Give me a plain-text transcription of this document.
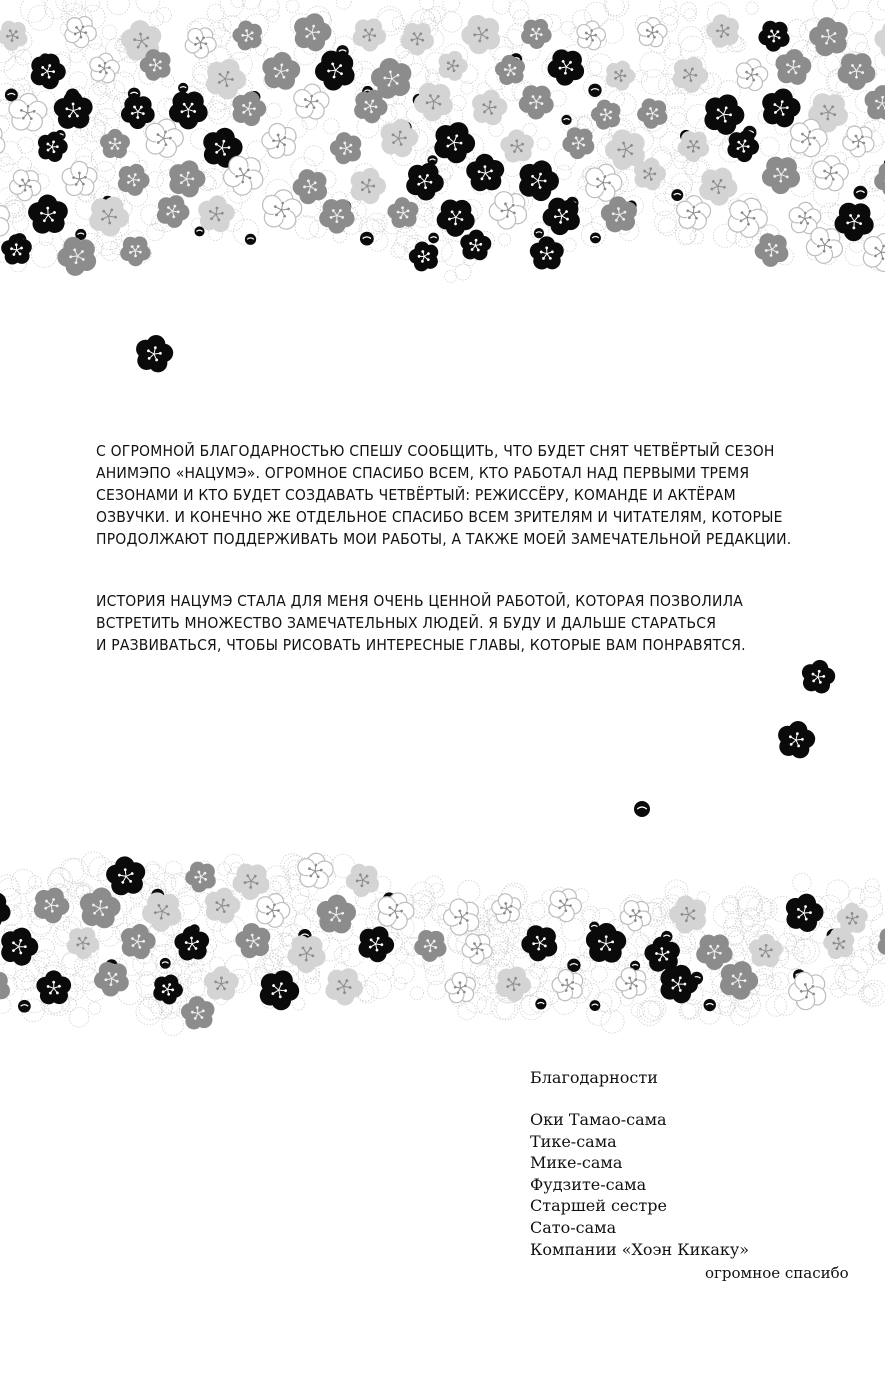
С ОГРОМНОЙ БЛАГОДАРНОСТЬЮ СПЕШУ СООБЩИТЬ, ЧТО БУДЕТ СНЯТ ЧЕТВЁРТЫЙ СЕЗОН
АНИМЭПО «НАЦУМЭ». ОГРОМНОЕ СПАСИБО ВСЕМ, КТО РАБОТАЛ НАД ПЕРВЫМИ ТРЕМЯ
СЕЗОНАМИ И КТО БУДЕТ СОЗДАВАТЬ ЧЕТВЁРТЫЙ: РЕЖИССЁРУ, КОМАНДЕ И АКТЁРАМ
ОЗВУЧКИ. И КОНЕЧНО ЖЕ ОТДЕЛЬНОЕ СПАСИБО ВСЕМ ЗРИТЕЛЯМ И ЧИТАТЕЛЯМ, КОТОРЫЕ
ПРОДОЛЖАЮТ ПОДДЕРЖИВАТЬ МОИ РАБОТЫ, А ТАКЖЕ МОЕЙ ЗАМЕЧАТЕЛЬНОЙ РЕДАКЦИИ.
ИСТОРИЯ НАЦУМЭ СТАЛА ДЛЯ МЕНЯ ОЧЕНЬ ЦЕННОЙ РАБОТОЙ, КОТОРАЯ ПОЗВОЛИЛА
ВСТРЕТИТЬ МНОЖЕСТВО ЗАМЕЧАТЕЛЬНЫХ ЛЮДЕЙ. Я БУДУ И ДАЛЬШЕ СТАРАТЬСЯ
И РАЗВИВАТЬСЯ, ЧТОБЫ РИСОВАТЬ ИНТЕРЕСНЫЕ ГЛАВЫ, КОТОРЫЕ ВАМ ПОНРАВЯТСЯ.
Благодарности
Оки Тамао-сама
Тике-сама
Мике-сама
Фудзите-сама
Старшей сестре
Сато-сама
Компании «Хоэн Кикаку»
огромное спасибо
